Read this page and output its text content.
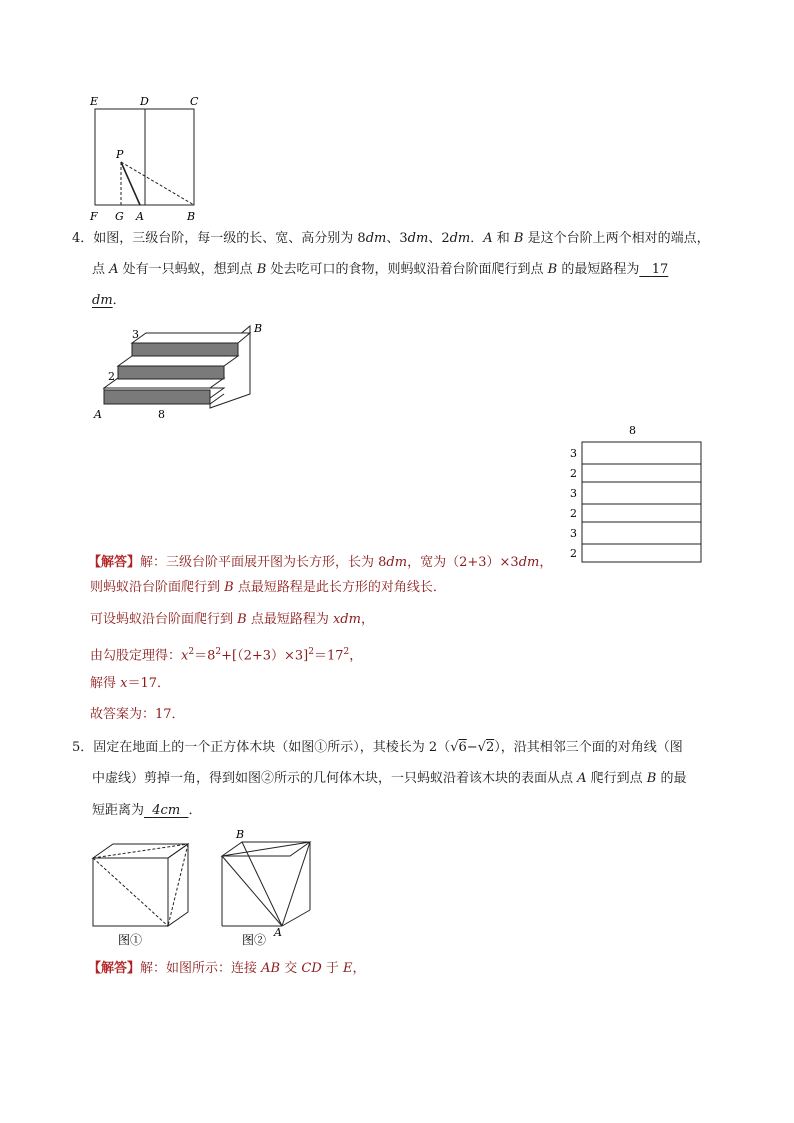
E	D	C
P
F G A	B
4．如图，三级台阶，每一级的长、宽、高分别为 8dm、3dm、2dm．A 和 B 是这个台阶上两个相对的端点，
点 A 处有一只蚂蚁，想到点 B 处去吃可口的食物，则蚂蚁沿着台阶面爬行到点 B 的最短路程为 17
dm．
3
2
8
A
B
8
3
2
3
2
3
2
【解答】解：三级台阶平面展开图为长方形，长为 8dm，宽为（2+3）×3dm，
则蚂蚁沿台阶面爬行到 B 点最短路程是此长方形的对角线长．
可设蚂蚁沿台阶面爬行到 B 点最短路程为 xdm，
由勾股定理得：$x^2=8^2+[(2+3)\times 3]^2=17^2$，
解得 x＝17．
故答案为：17．
5．固定在地面上的一个正方体木块（如图①所示），其棱长为 2（√6−√2），沿其相邻三个面的对角线（图
中虚线）剪掉一角，得到如图②所示的几何体木块，一只蚂蚁沿着该木块的表面从点 A 爬行到点 B 的最
短距离为 4cm ．
图①
B
A
图②
【解答】解：如图所示：连接 AB 交 CD 于 E，
